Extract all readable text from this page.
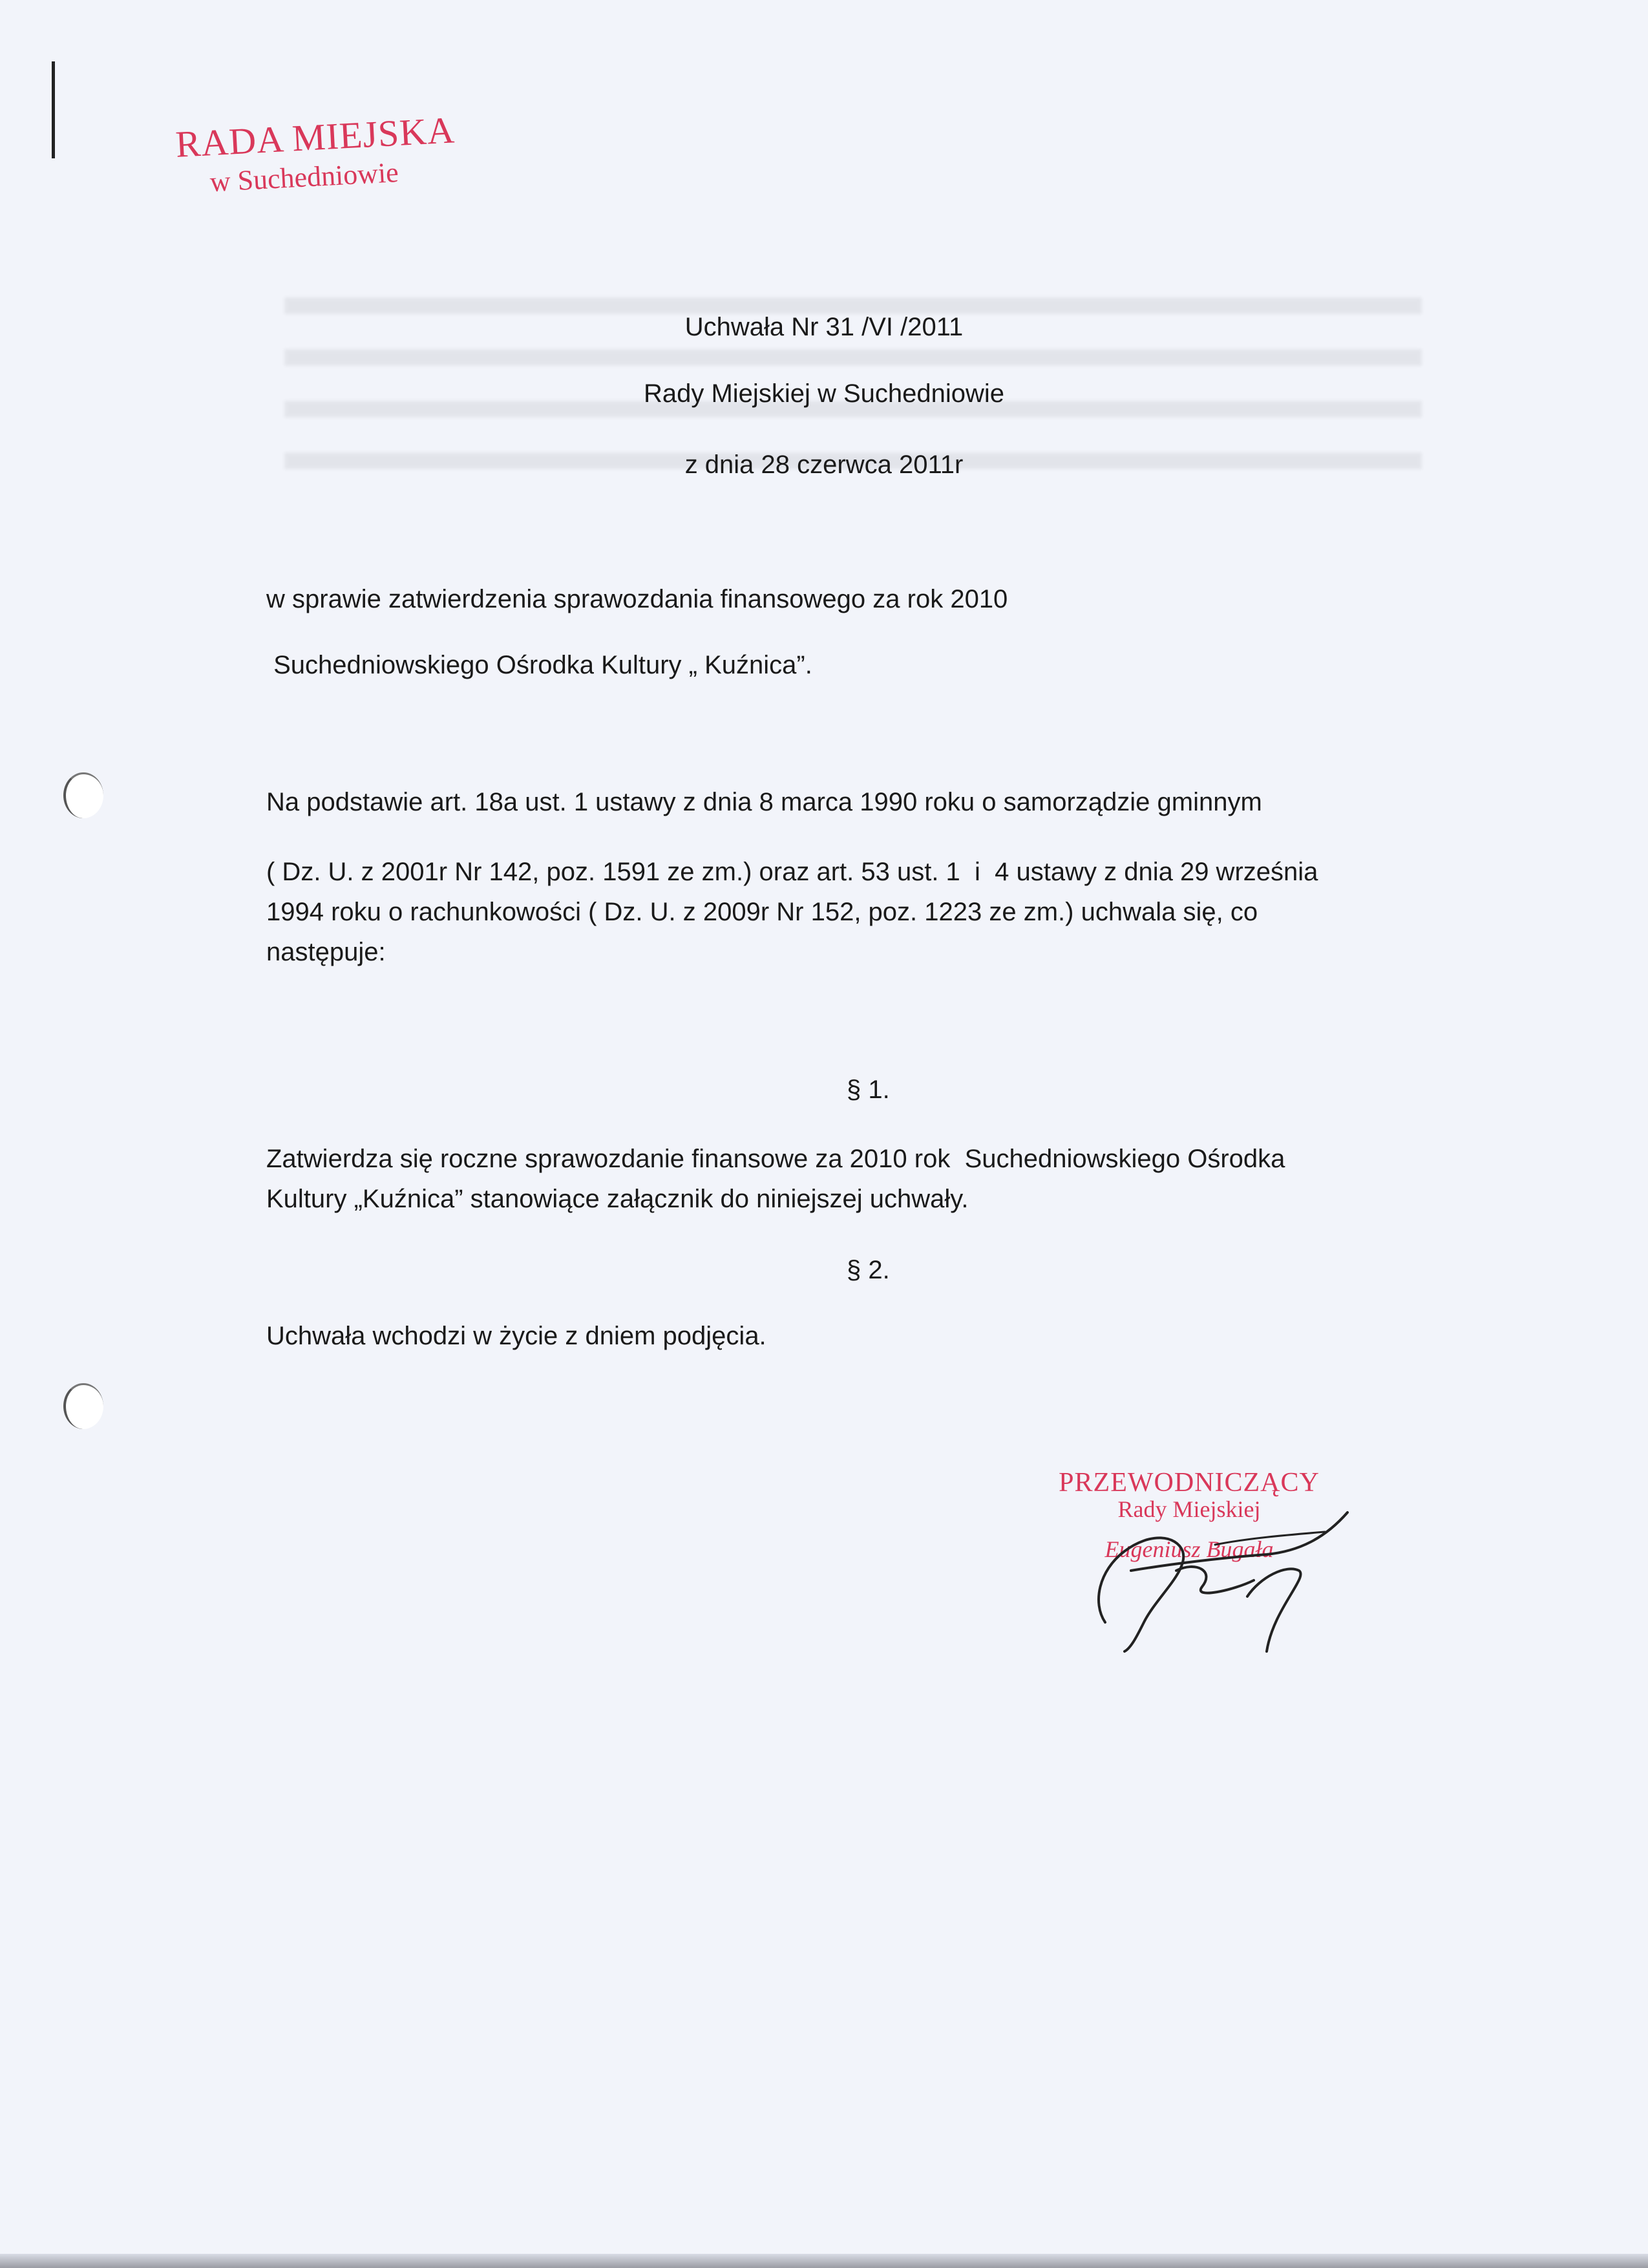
RADA MIEJSKA
w Suchedniowie
Uchwała Nr 31 /VI /2011
Rady Miejskiej w Suchedniowie
z dnia 28 czerwca 2011r
w sprawie zatwierdzenia sprawozdania finansowego za rok 2010
Suchedniowskiego Ośrodka Kultury „ Kuźnica”.
Na podstawie art. 18a ust. 1 ustawy z dnia 8 marca 1990 roku o samorządzie gminnym
( Dz. U. z 2001r Nr 142, poz. 1591 ze zm.) oraz art. 53 ust. 1  i  4 ustawy z dnia 29 września
1994 roku o rachunkowości ( Dz. U. z 2009r Nr 152, poz. 1223 ze zm.) uchwala się, co
następuje:
§ 1.
Zatwierdza się roczne sprawozdanie finansowe za 2010 rok  Suchedniowskiego Ośrodka
Kultury „Kuźnica” stanowiące załącznik do niniejszej uchwały.
§ 2.
Uchwała wchodzi w życie z dniem podjęcia.
PRZEWODNICZĄCY
Rady Miejskiej
Eugeniusz Bugała
